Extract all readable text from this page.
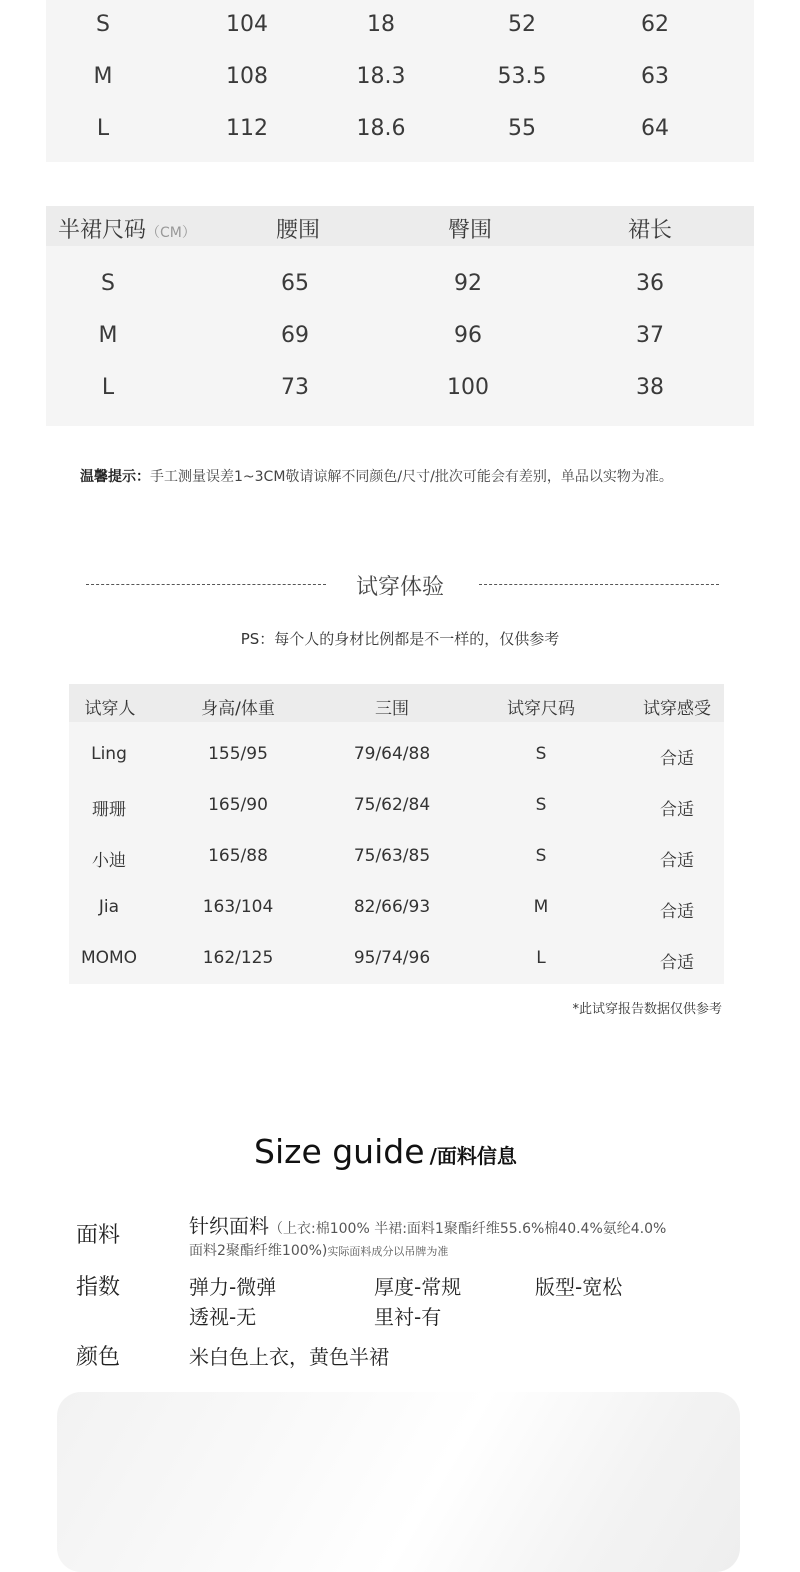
S	104	18	52	62
M	108	18.3	53.5	63
L	112	18.6	55	64
半裙尺码（CM）	腰围	臀围	裙长
S	65	92	36
M	69	96	37
L	73	100	38
温馨提示：手工测量误差1~3CM敬请谅解不同颜色/尺寸/批次可能会有差别，单品以实物为准。
试穿体验
PS：每个人的身材比例都是不一样的，仅供参考
试穿人	身高/体重	三围	试穿尺码	试穿感受
Ling	155/95	79/64/88	S	合适
珊珊	165/90	75/62/84	S	合适
小迪	165/88	75/63/85	S	合适
Jia	163/104	82/66/93	M	合适
MOMO	162/125	95/74/96	L	合适
*此试穿报告数据仅供参考
Size guide /面料信息
面料	针织面料（上衣:棉100% 半裙:面料1聚酯纤维55.6%棉40.4%氨纶4.0%
面料2聚酯纤维100%)实际面料成分以吊牌为准
指数	弹力-微弹	厚度-常规	版型-宽松
透视-无	里衬-有
颜色	米白色上衣，黄色半裙
